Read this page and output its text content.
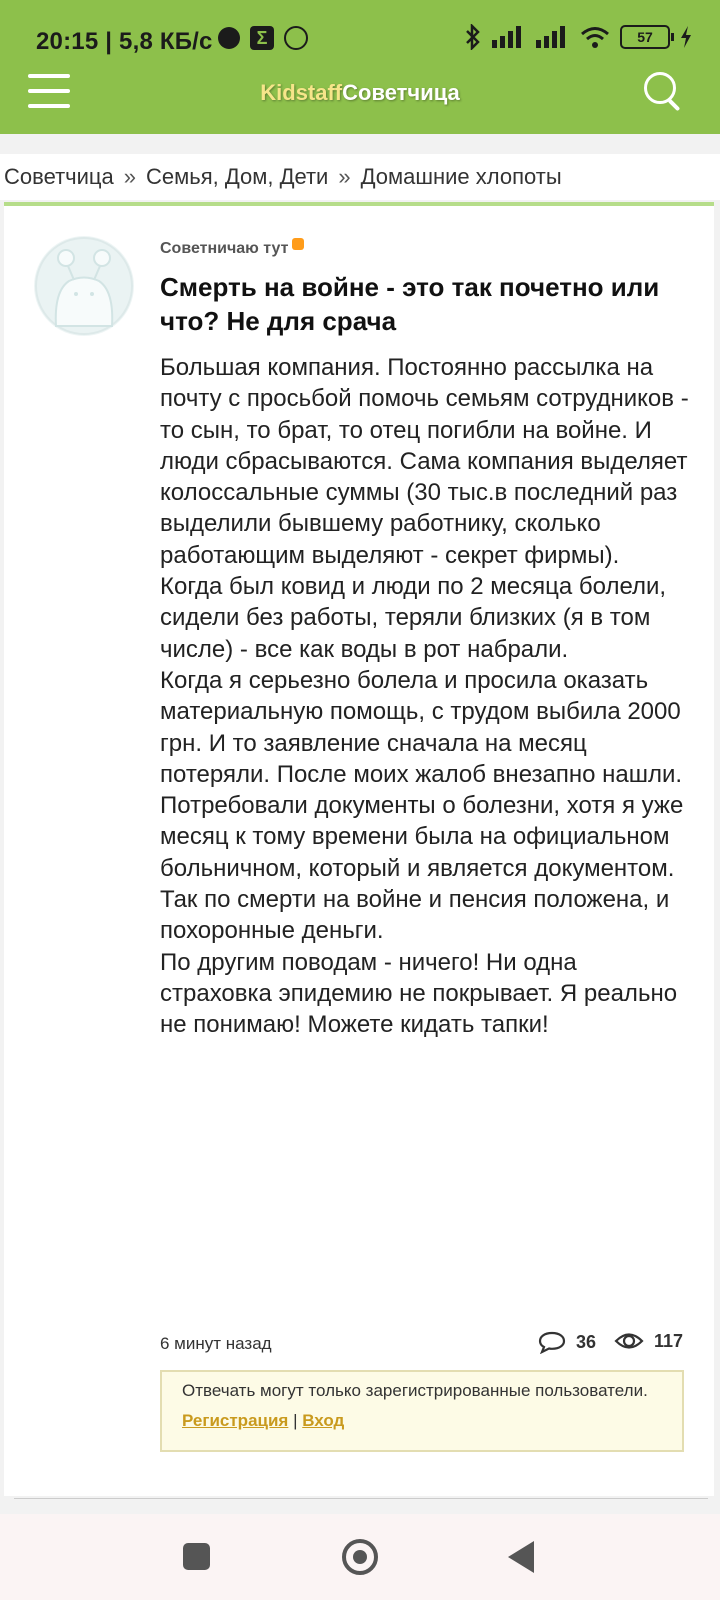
20:15 | 5,8 КБ/с	Σ	57
KidstaffСоветчица
Советчица » Семья, Дом, Дети » Домашние хлопоты
Советничаю тут
Смерть на войне - это так почетно или что? Не для срача

Большая компания. Постоянно рассылка на почту с просьбой помочь семьям сотрудников - то сын, то брат, то отец погибли на войне. И люди сбрасываются. Сама компания выделяет колоссальные суммы (30 тыс.в последний раз выделили бывшему работнику, сколько работающим выделяют - секрет фирмы).

Когда был ковид и люди по 2 месяца болели, сидели без работы, теряли близких (я в том числе) - все как воды в рот набрали.

Когда я серьезно болела и просила оказать материальную помощь, с трудом выбила 2000 грн. И то заявление сначала на месяц потеряли. После моих жалоб внезапно нашли. Потребовали документы о болезни, хотя я уже месяц к тому времени была на официальном больничном, который и является документом.

Так по смерти на войне и пенсия положена, и похоронные деньги.

По другим поводам - ничего! Ни одна страховка эпидемию не покрывает. Я реально не понимаю! Можете кидать тапки!

6 минут назад	36	117
Отвечать могут только зарегистрированные пользователи. Регистрация | Вход
